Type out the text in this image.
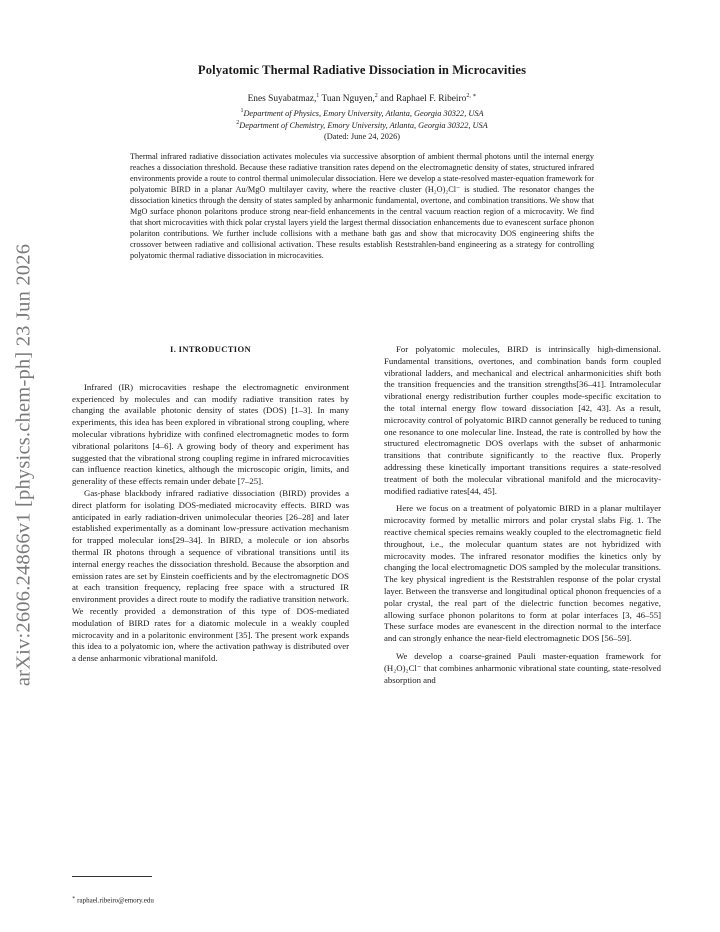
arXiv:2606.24866v1 [physics.chem-ph] 23 Jun 2026
Polyatomic Thermal Radiative Dissociation in Microcavities
Enes Suyabatmaz,$^1$ Tuan Nguyen,$^2$ and Raphael F. Ribeiro$^{2, ∗}$
$^1$Department of Physics, Emory University, Atlanta, Georgia 30322, USA
$^2$Department of Chemistry, Emory University, Atlanta, Georgia 30322, USA
(Dated: June 24, 2026)

Thermal infrared radiative dissociation activates molecules via successive absorption of ambient thermal photons until the internal energy reaches a dissociation threshold. Because these radiative transition rates depend on the electromagnetic density of states, structured infrared environments provide a route to control thermal unimolecular dissociation. Here we develop a state-resolved master-equation framework for polyatomic BIRD in a planar Au/MgO multilayer cavity, where the reactive cluster (H₂O)₂Cl⁻ is studied. The resonator changes the dissociation kinetics through the density of states sampled by anharmonic fundamental, overtone, and combination transitions. We show that MgO surface phonon polaritons produce strong near-field enhancements in the central vacuum reaction region of a microcavity. We find that short microcavities with thick polar crystal layers yield the largest thermal dissociation enhancements due to evanescent surface phonon polariton contributions. We further include collisions with a methane bath gas and show that microcavity DOS engineering shifts the crossover between radiative and collisional activation. These results establish Reststrahlen-band engineering as a strategy for controlling polyatomic thermal radiative dissociation in microcavities.

I. INTRODUCTION

Infrared (IR) microcavities reshape the electromagnetic environment experienced by molecules and can modify radiative transition rates by changing the available photonic density of states (DOS) [1–3]. In many experiments, this idea has been explored in vibrational strong coupling, where molecular vibrations hybridize with confined electromagnetic modes to form vibrational polaritons [4–6]. A growing body of theory and experiment has suggested that the vibrational strong coupling regime in infrared microcavities can influence reaction kinetics, although the microscopic origin, limits, and generality of these effects remain under debate [7–25].

Gas-phase blackbody infrared radiative dissociation (BIRD) provides a direct platform for isolating DOS-mediated microcavity effects. BIRD was anticipated in early radiation-driven unimolecular theories [26–28] and later established experimentally as a dominant low-pressure activation mechanism for trapped molecular ions[29–34]. In BIRD, a molecule or ion absorbs thermal IR photons through a sequence of vibrational transitions until its internal energy reaches the dissociation threshold. Because the absorption and emission rates are set by Einstein coefficients and by the electromagnetic DOS at each transition frequency, replacing free space with a structured IR environment provides a direct route to modify the radiative transition network. We recently provided a demonstration of this type of DOS-mediated modulation of BIRD rates for a diatomic molecule in a weakly coupled microcavity and in a polaritonic environment [35]. The present work expands this idea to a polyatomic ion, where the activation pathway is distributed over a dense anharmonic vibrational manifold.

For polyatomic molecules, BIRD is intrinsically high-dimensional. Fundamental transitions, overtones, and combination bands form coupled vibrational ladders, and mechanical and electrical anharmonicities shift both the transition frequencies and the transition strengths[36–41]. Intramolecular vibrational energy redistribution further couples mode-specific excitation to the total internal energy flow toward dissociation [42, 43]. As a result, microcavity control of polyatomic BIRD cannot generally be reduced to tuning one resonance to one molecular line. Instead, the rate is controlled by how the structured electromagnetic DOS overlaps with the subset of anharmonic transitions that contribute significantly to the reactive flux. Properly addressing these kinetically important transitions requires a state-resolved treatment of both the molecular vibrational manifold and the microcavity-modified radiative rates[44, 45].

Here we focus on a treatment of polyatomic BIRD in a planar multilayer microcavity formed by metallic mirrors and polar crystal slabs Fig. 1. The reactive chemical species remains weakly coupled to the electromagnetic field throughout, i.e., the molecular quantum states are not hybridized with microcavity modes. The infrared resonator modifies the kinetics only by changing the local electromagnetic DOS sampled by the molecular transitions. The key physical ingredient is the Reststrahlen response of the polar crystal layer. Between the transverse and longitudinal optical phonon frequencies of a polar crystal, the real part of the dielectric function becomes negative, allowing surface phonon polaritons to form at polar interfaces [3, 46–55] These surface modes are evanescent in the direction normal to the interface and can strongly enhance the near-field electromagnetic DOS [56–59].

We develop a coarse-grained Pauli master-equation framework for (H₂O)₂Cl⁻ that combines anharmonic vibrational state counting, state-resolved absorption and

∗ raphael.ribeiro@emory.edu
